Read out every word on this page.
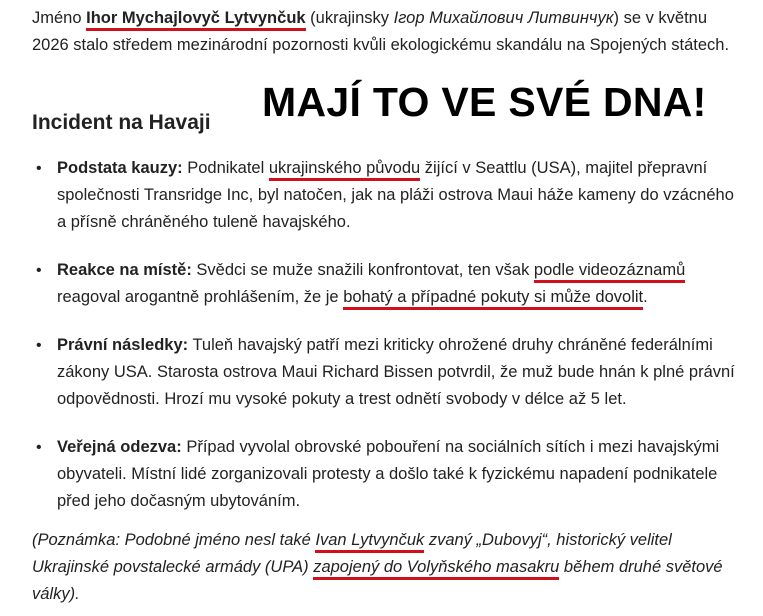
Jméno Ihor Mychajlovyč Lytvynčuk (ukrajinsky Ігор Михайлович Литвинчук) se v květnu 2026 stalo středem mezinárodní pozornosti kvůli ekologickému skandálu na Spojených státech.

Incident na Havaji
• Podstata kauzy: Podnikatel ukrajinského původu žijící v Seattlu (USA), majitel přepravní společnosti Transridge Inc, byl natočen, jak na pláži ostrova Maui háže kameny do vzácného a přísně chráněného tuleně havajského.
• Reakce na místě: Svědci se muže snažili konfrontovat, ten však podle videozáznamů reagoval arogantně prohlášením, že je bohatý a případné pokuty si může dovolit.
• Právní následky: Tuleň havajský patří mezi kriticky ohrožené druhy chráněné federálními zákony USA. Starosta ostrova Maui Richard Bissen potvrdil, že muž bude hnán k plné právní odpovědnosti. Hrozí mu vysoké pokuty a trest odnětí svobody v délce až 5 let.
• Veřejná odezva: Případ vyvolal obrovské pobouření na sociálních sítích i mezi havajskými obyvateli. Místní lidé zorganizovali protesty a došlo také k fyzickému napadení podnikatele před jeho dočasným ubytováním.

(Poznámka: Podobné jméno nesl také Ivan Lytvynčuk zvaný „Dubovyj“, historický velitel Ukrajinské povstalecké armády (UPA) zapojený do Volyňského masakru během druhé světové války).

MAJÍ TO VE SVÉ DNA!
